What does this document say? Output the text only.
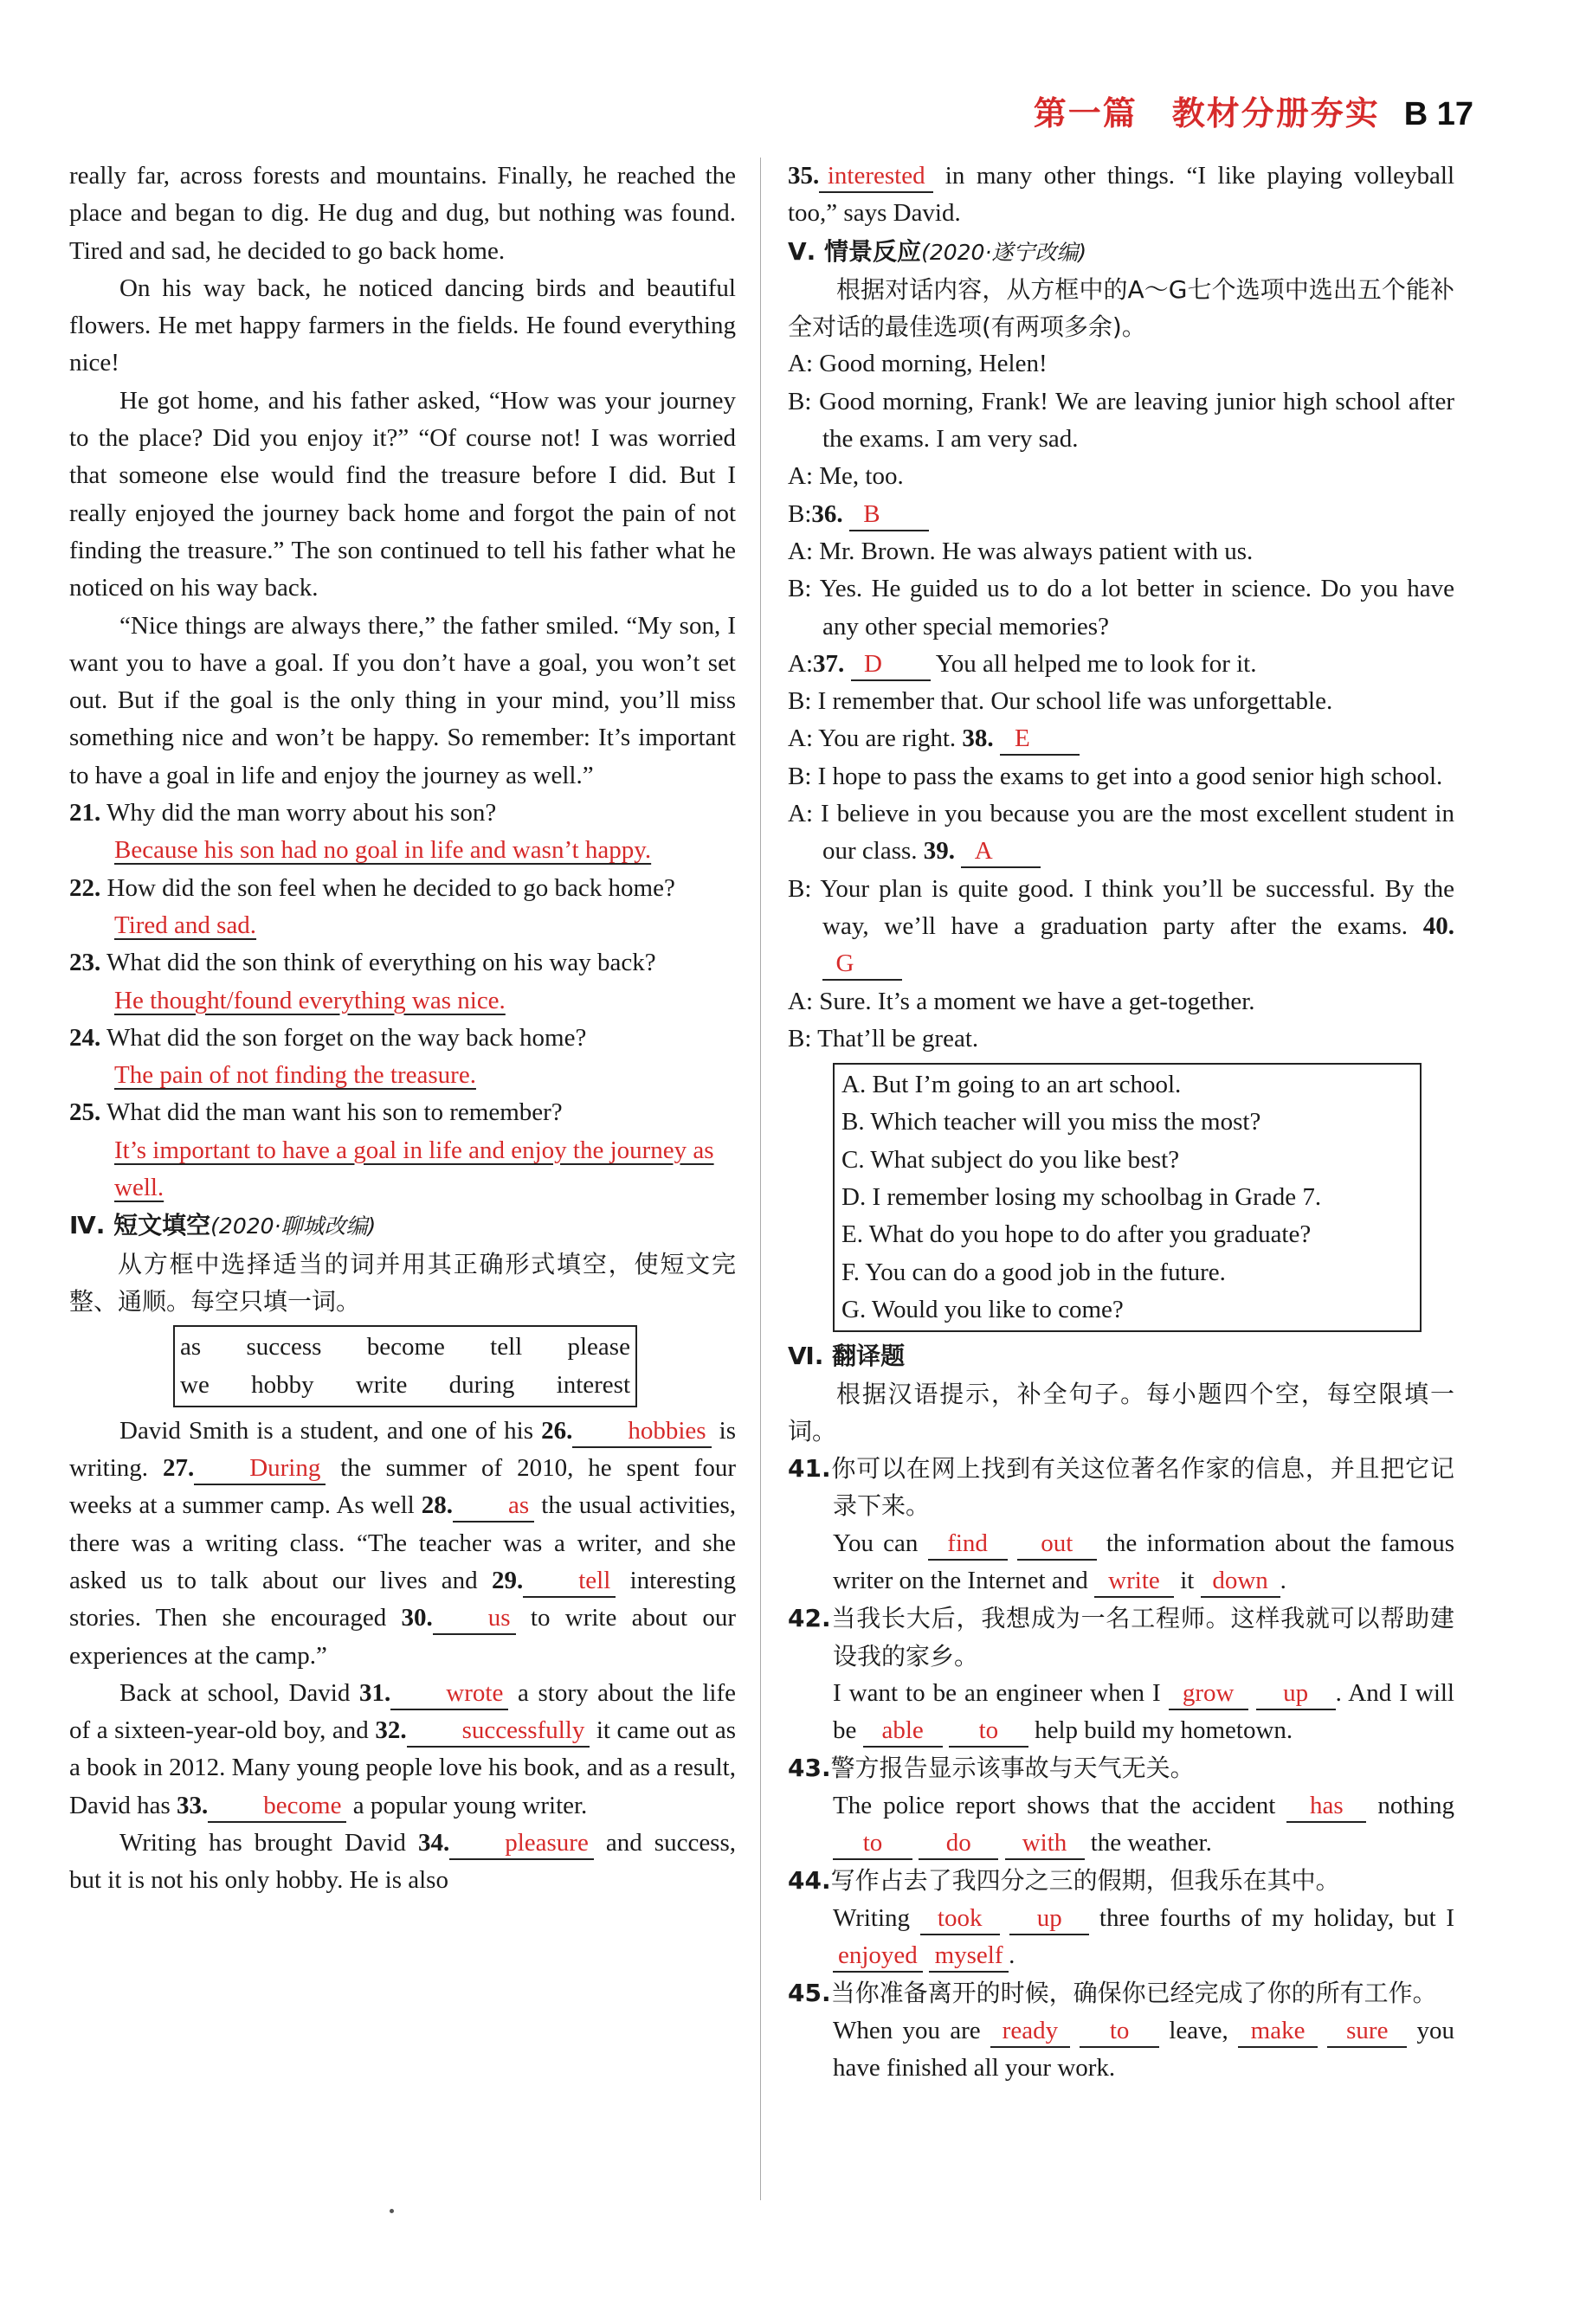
第一篇　教材分册夯实 B 17

really far, across forests and mountains. Finally, he reached the place and began to dig. He dug and dug, but nothing was found. Tired and sad, he decided to go back home.

On his way back, he noticed dancing birds and beautiful flowers. He met happy farmers in the fields. He found everything nice!

He got home, and his father asked, “How was your journey to the place? Did you enjoy it?” “Of course not! I was worried that someone else would find the treasure before I did. But I really enjoyed the journey back home and forgot the pain of not finding the treasure.” The son continued to tell his father what he noticed on his way back.

“Nice things are always there,” the father smiled. “My son, I want you to have a goal. If you don’t have a goal, you won’t set out. But if the goal is the only thing in your mind, you’ll miss something nice and won’t be happy. So remember: It’s important to have a goal in life and enjoy the journey as well.”

21. Why did the man worry about his son?

Because his son had no goal in life and wasn’t happy.

22. How did the son feel when he decided to go back home?

Tired and sad.

23. What did the son think of everything on his way back?

He thought/found everything was nice.

24. What did the son forget on the way back home?

The pain of not finding the treasure.

25. What did the man want his son to remember?

It’s important to have a goal in life and enjoy the journey as well.

Ⅳ. 短文填空(2020·聊城改编)

从方框中选择适当的词并用其正确形式填空，使短文完整、通顺。每空只填一词。

as success become tell please
we hobby write during interest

David Smith is a student, and one of his 26. hobbies is writing. 27. During the summer of 2010, he spent four weeks at a summer camp. As well 28. as the usual activities, there was a writing class. “The teacher was a writer, and she asked us to talk about our lives and 29. tell interesting stories. Then she encouraged 30. us to write about our experiences at the camp.”

Back at school, David 31. wrote a story about the life of a sixteen-year-old boy, and 32. successfully it came out as a book in 2012. Many young people love his book, and as a result, David has 33. become a popular young writer.

Writing has brought David 34. pleasure and success, but it is not his only hobby. He is also

35. interested in many other things. “I like playing volleyball too,” says David.

Ⅴ. 情景反应(2020·遂宁改编)

根据对话内容，从方框中的A～G七个选项中选出五个能补全对话的最佳选项(有两项多余)。

A: Good morning, Helen!

B: Good morning, Frank! We are leaving junior high school after the exams. I am very sad.

A: Me, too.

B:36. B

A: Mr. Brown. He was always patient with us.

B: Yes. He guided us to do a lot better in science. Do you have any other special memories?

A:37. D You all helped me to look for it.

B: I remember that. Our school life was unforgettable.

A: You are right. 38. E

B: I hope to pass the exams to get into a good senior high school.

A: I believe in you because you are the most excellent student in our class. 39. A

B: Your plan is quite good. I think you’ll be successful. By the way, we’ll have a graduation party after the exams. 40. G

A: Sure. It’s a moment we have a get-together.

B: That’ll be great.

A. But I’m going to an art school.
B. Which teacher will you miss the most?
C. What subject do you like best?
D. I remember losing my schoolbag in Grade 7.
E. What do you hope to do after you graduate?
F. You can do a good job in the future.
G. Would you like to come?

Ⅵ. 翻译题

根据汉语提示，补全句子。每小题四个空，每空限填一词。

41.你可以在网上找到有关这位著名作家的信息，并且把它记录下来。

You can find out the information about the famous writer on the Internet and write it down .

42.当我长大后，我想成为一名工程师。这样我就可以帮助建设我的家乡。

I want to be an engineer when I grow up . And I will be able to help build my hometown.

43.警方报告显示该事故与天气无关。

The police report shows that the accident has nothing to	do with the weather.

44.写作占去了我四分之三的假期，但我乐在其中。

Writing took up three fourths of my holiday, but I enjoyed myself .

45.当你准备离开的时候，确保你已经完成了你的所有工作。

When you are ready to leave, make sure you have finished all your work.
